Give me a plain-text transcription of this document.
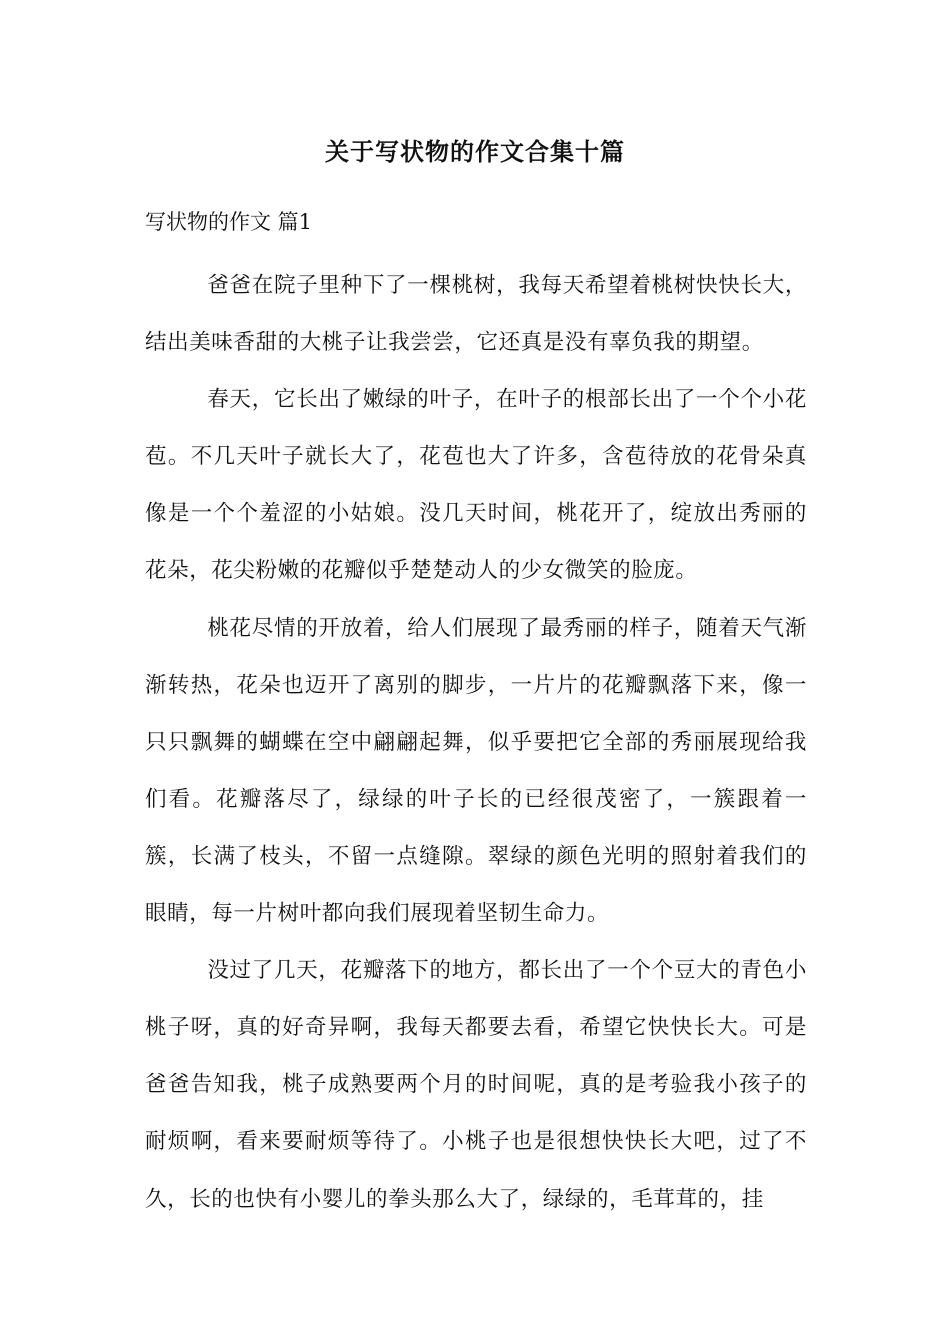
关于写状物的作文合集十篇
写状物的作文 篇1

爸爸在院子里种下了一棵桃树，我每天希望着桃树快快长大，结出美味香甜的大桃子让我尝尝，它还真是没有辜负我的期望。

春天，它长出了嫩绿的叶子，在叶子的根部长出了一个个小花苞。不几天叶子就长大了，花苞也大了许多，含苞待放的花骨朵真像是一个个羞涩的小姑娘。没几天时间，桃花开了，绽放出秀丽的花朵，花尖粉嫩的花瓣似乎楚楚动人的少女微笑的脸庞。

桃花尽情的开放着，给人们展现了最秀丽的样子，随着天气渐渐转热，花朵也迈开了离别的脚步，一片片的花瓣飘落下来，像一只只飘舞的蝴蝶在空中翩翩起舞，似乎要把它全部的秀丽展现给我们看。花瓣落尽了，绿绿的叶子长的已经很茂密了，一簇跟着一簇，长满了枝头，不留一点缝隙。翠绿的颜色光明的照射着我们的眼睛，每一片树叶都向我们展现着坚韧生命力。

没过了几天，花瓣落下的地方，都长出了一个个豆大的青色小桃子呀，真的好奇异啊，我每天都要去看，希望它快快长大。可是爸爸告知我，桃子成熟要两个月的时间呢，真的是考验我小孩子的耐烦啊，看来要耐烦等待了。小桃子也是很想快快长大吧，过了不久，长的也快有小婴儿的拳头那么大了，绿绿的，毛茸茸的，挂
